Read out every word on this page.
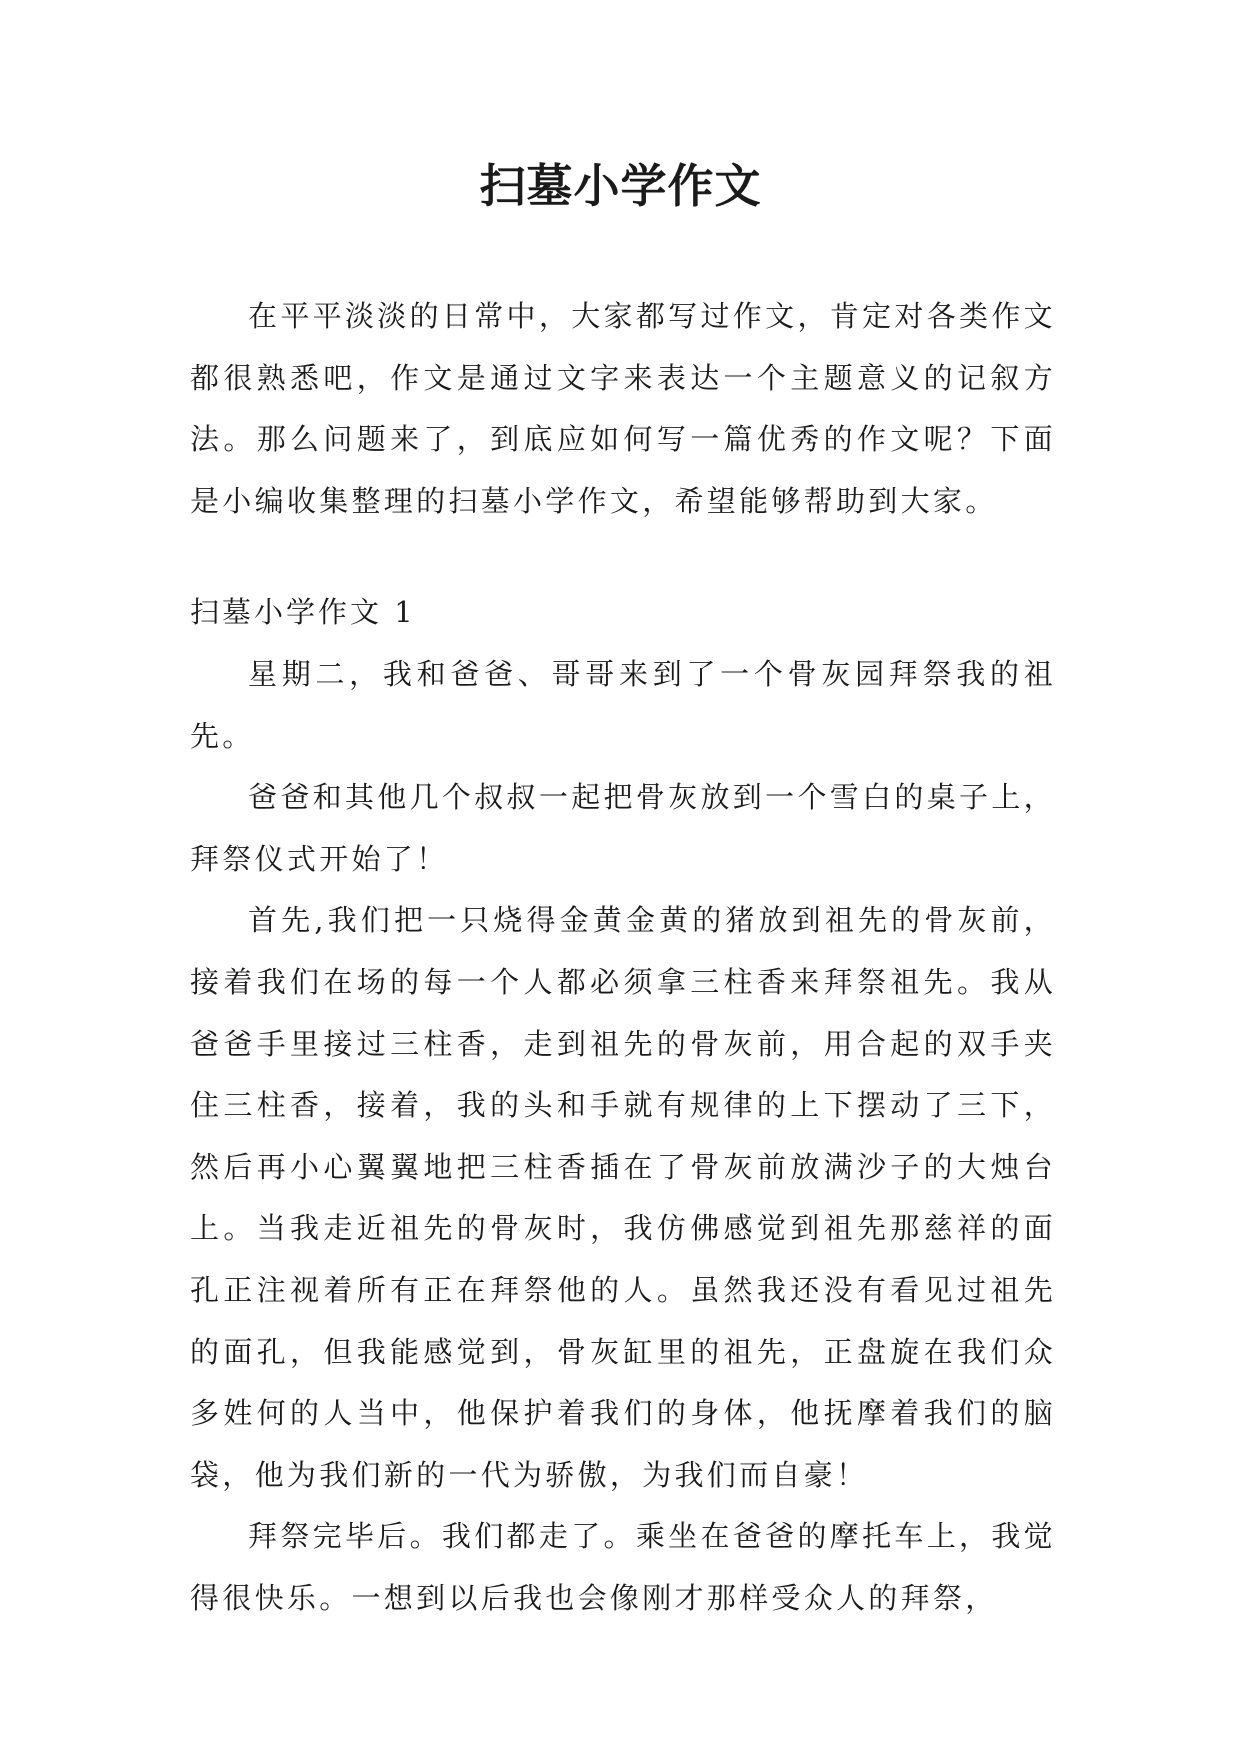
扫墓小学作文

在平平淡淡的日常中，大家都写过作文，肯定对各类作文都很熟悉吧，作文是通过文字来表达一个主题意义的记叙方法。那么问题来了，到底应如何写一篇优秀的作文呢？下面是小编收集整理的扫墓小学作文，希望能够帮助到大家。

扫墓小学作文 1

星期二，我和爸爸、哥哥来到了一个骨灰园拜祭我的祖先。

爸爸和其他几个叔叔一起把骨灰放到一个雪白的桌子上，拜祭仪式开始了！

首先,我们把一只烧得金黄金黄的猪放到祖先的骨灰前，接着我们在场的每一个人都必须拿三柱香来拜祭祖先。我从爸爸手里接过三柱香，走到祖先的骨灰前，用合起的双手夹住三柱香，接着，我的头和手就有规律的上下摆动了三下，然后再小心翼翼地把三柱香插在了骨灰前放满沙子的大烛台上。当我走近祖先的骨灰时，我仿佛感觉到祖先那慈祥的面孔正注视着所有正在拜祭他的人。虽然我还没有看见过祖先的面孔，但我能感觉到，骨灰缸里的祖先，正盘旋在我们众多姓何的人当中，他保护着我们的身体，他抚摩着我们的脑袋，他为我们新的一代为骄傲，为我们而自豪！

拜祭完毕后。我们都走了。乘坐在爸爸的摩托车上，我觉得很快乐。一想到以后我也会像刚才那样受众人的拜祭，
